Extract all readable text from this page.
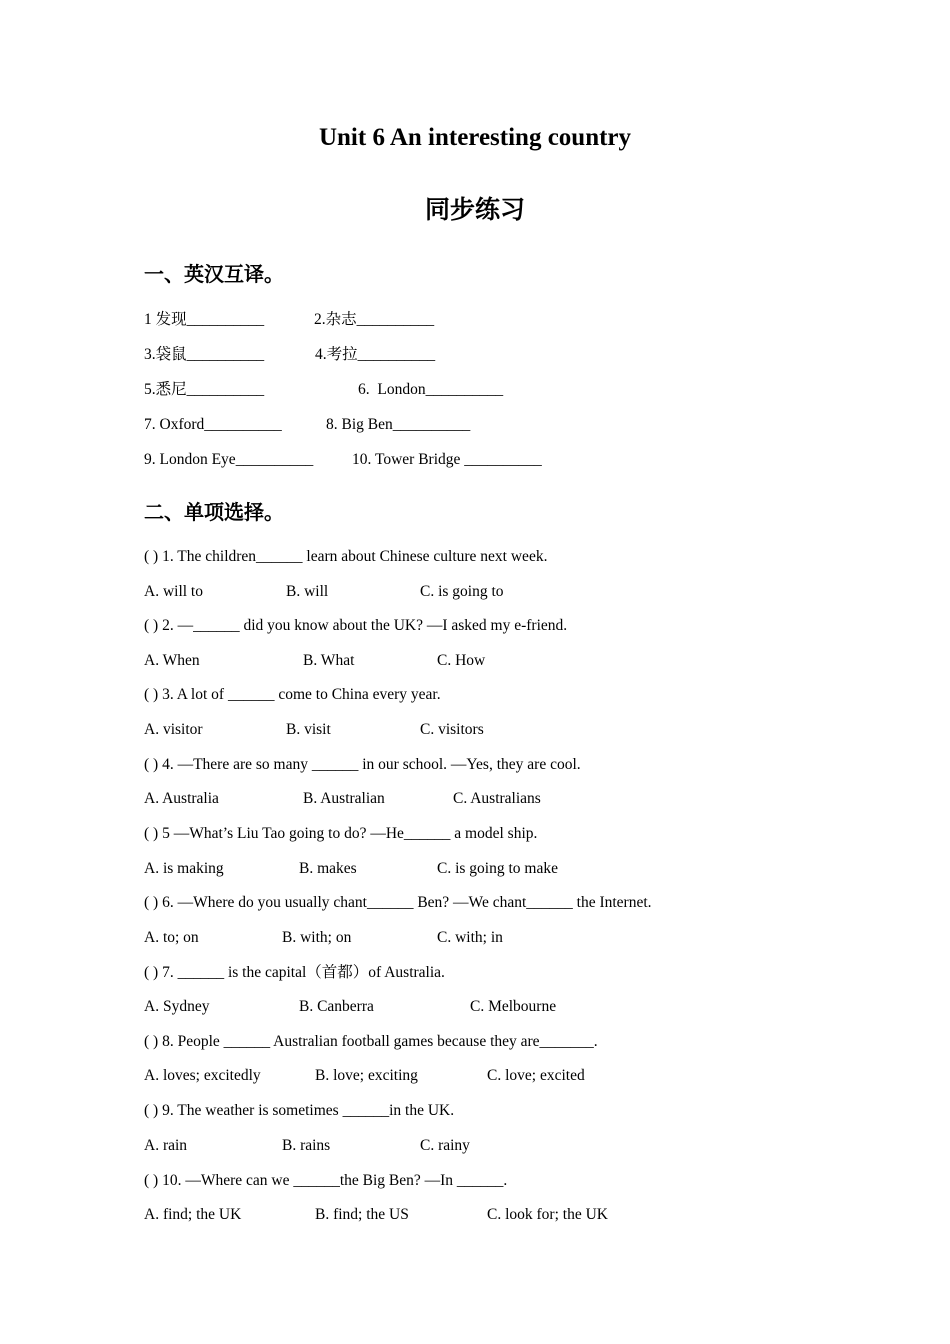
Unit 6 An interesting country
同步练习
一、英汉互译。
1 发现__________	2.杂志__________
3.袋鼠__________	4.考拉__________
5.悉尼__________	6.  London__________
7. Oxford__________	8. Big Ben__________
9. London Eye__________	10. Tower Bridge __________
二、单项选择。
( ) 1. The children______ learn about Chinese culture next week.
A. will to	B. will	C. is going to
( ) 2. —______ did you know about the UK? —I asked my e-friend.
A. When	B. What	C. How
( ) 3. A lot of ______ come to China every year.
A. visitor	B. visit	C. visitors
( ) 4. —There are so many ______ in our school. —Yes, they are cool.
A. Australia	B. Australian	C. Australians
( ) 5 —What’s Liu Tao going to do? —He______ a model ship.
A. is making	B. makes	C. is going to make
( ) 6. —Where do you usually chant______ Ben? —We chant______ the Internet.
A. to; on	B. with; on	C. with; in
( ) 7. ______ is the capital（首都）of Australia.
A. Sydney	B. Canberra	C. Melbourne
( ) 8. People ______ Australian football games because they are_______.
A. loves; excitedly	B. love; exciting	C. love; excited
( ) 9. The weather is sometimes ______in the UK.
A. rain	B. rains	C. rainy
( ) 10. —Where can we ______the Big Ben? —In ______.
A. find; the UK	B. find; the US	C. look for; the UK
